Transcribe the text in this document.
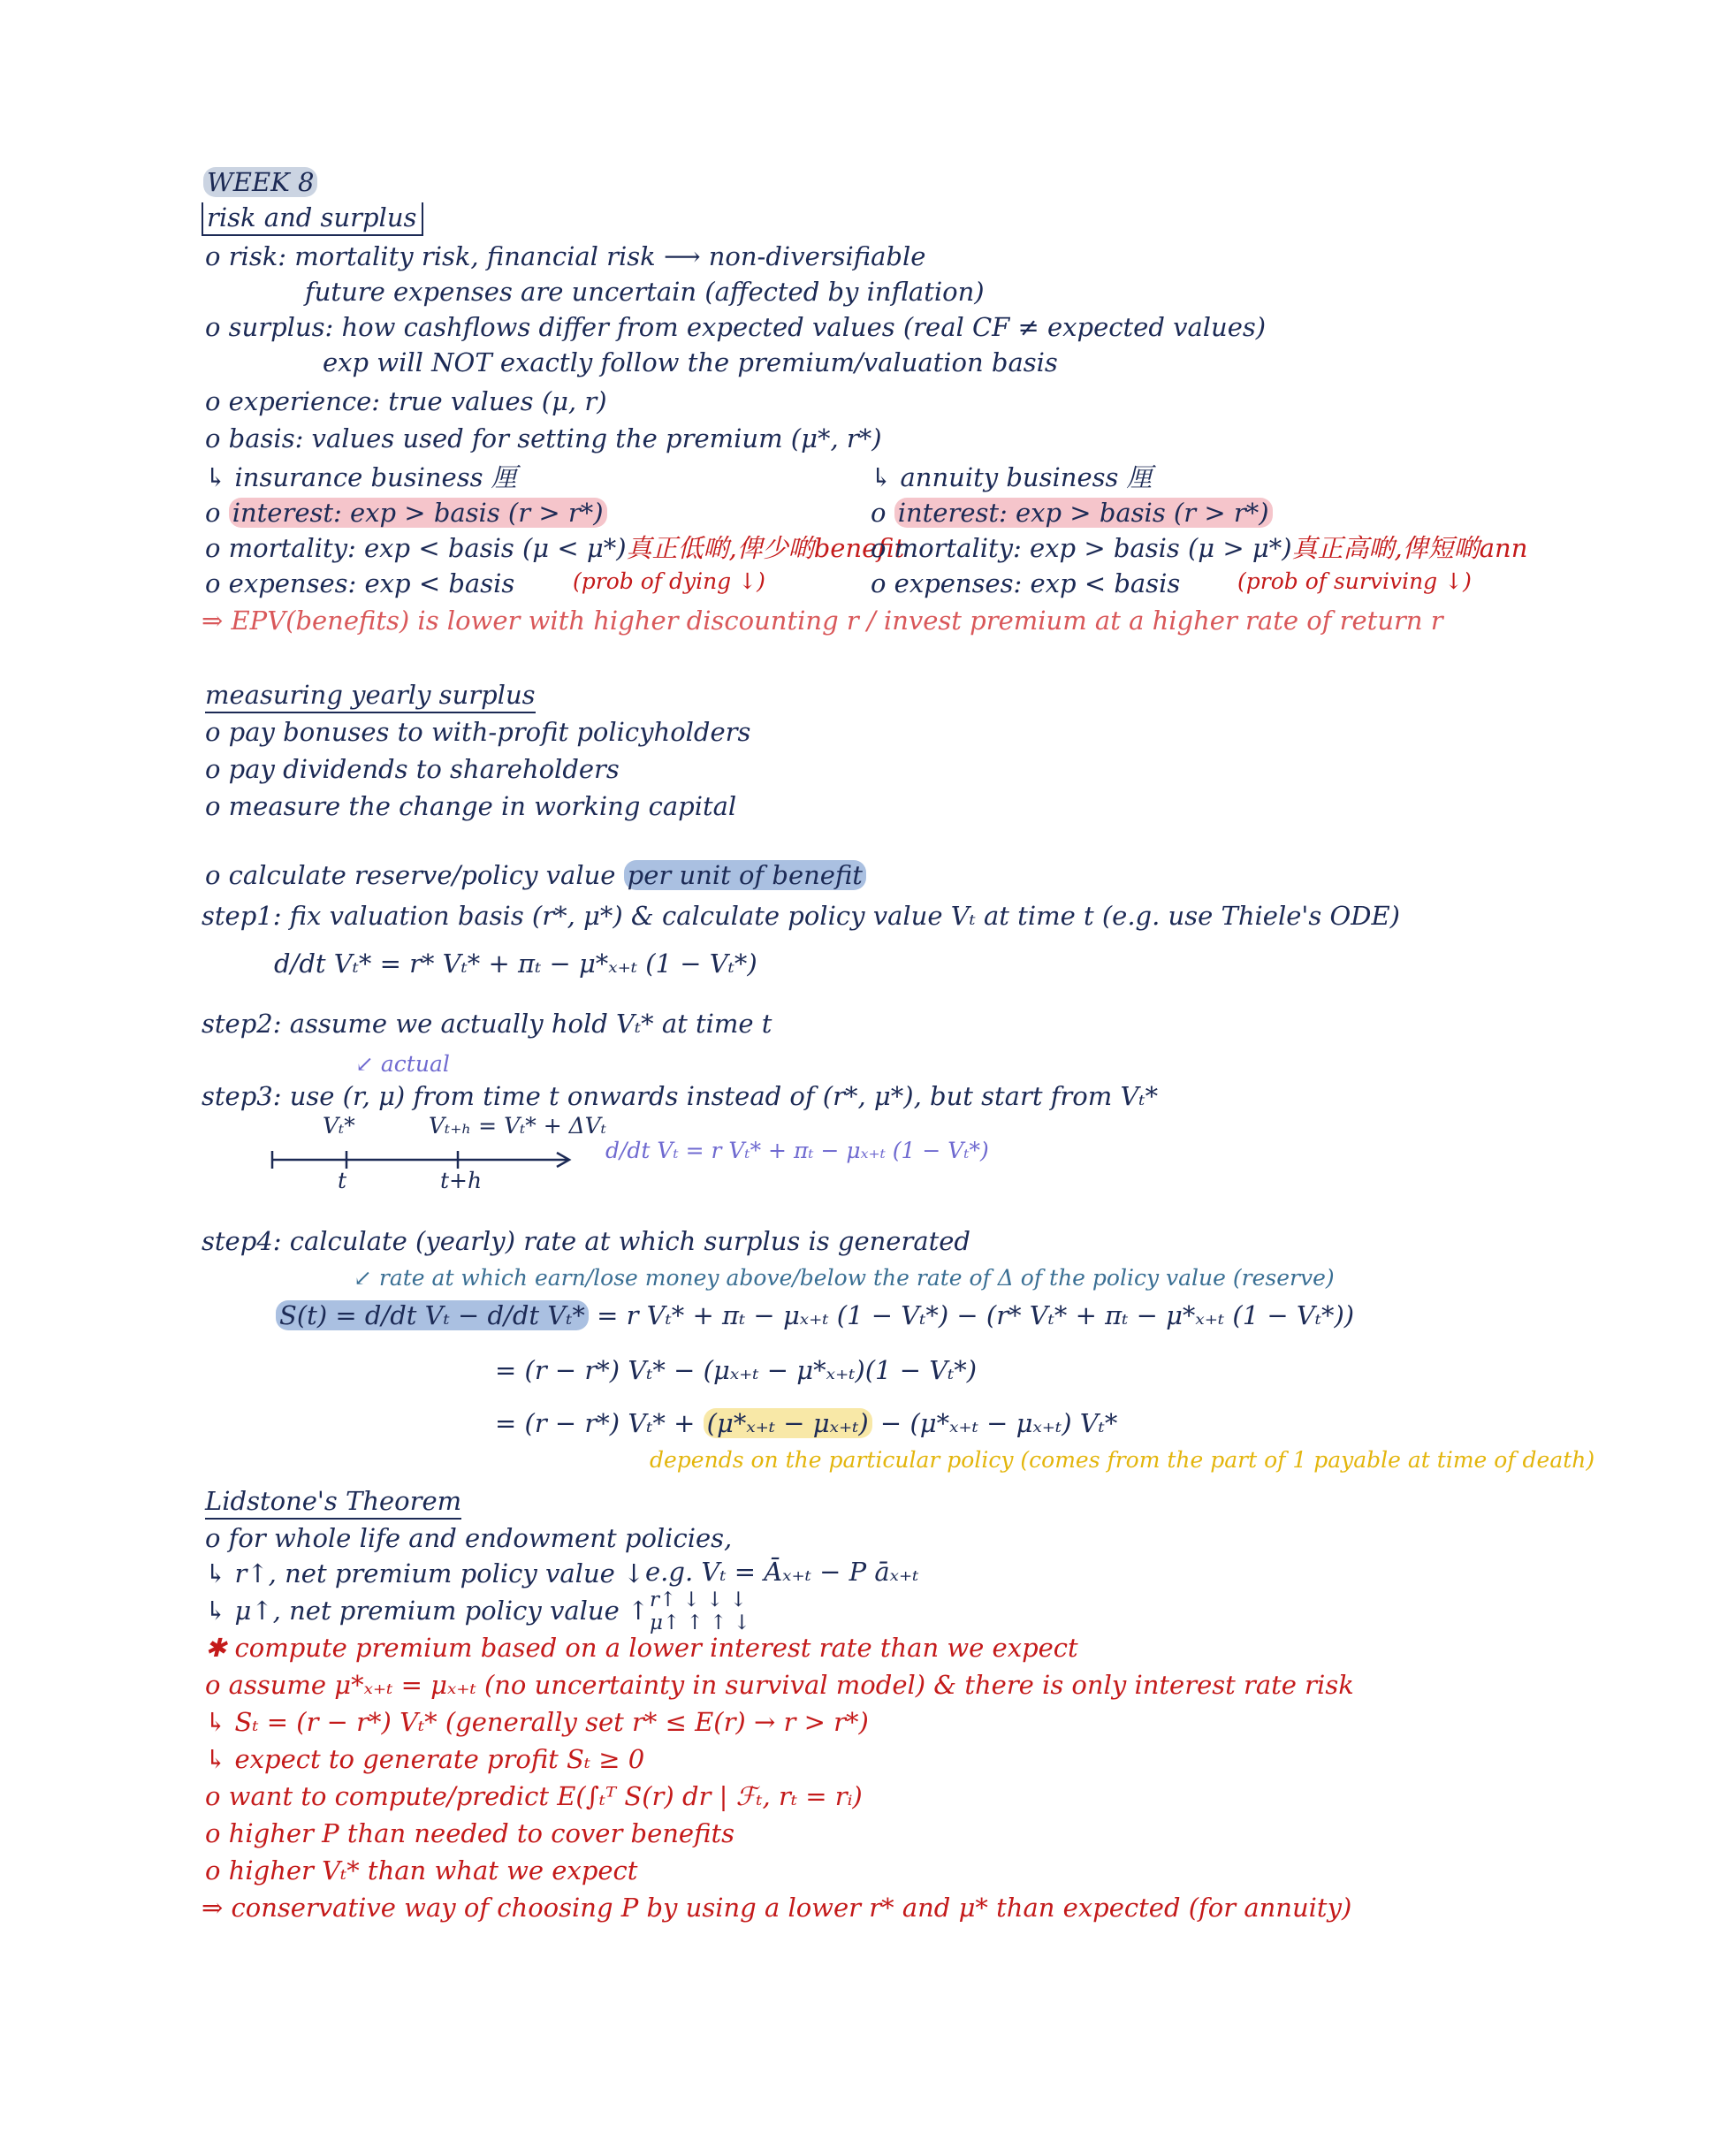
WEEK 8
risk and surplus
o risk: mortality risk, financial risk ⟶ non-diversifiable
future expenses are uncertain (affected by inflation)
o surplus: how cashflows differ from expected values (real CF ≠ expected values)
exp will NOT exactly follow the premium/valuation basis
o experience: true values (μ, r)
o basis: values used for setting the premium (μ*, r*)
↳ insurance business 厘
o interest: exp > basis (r > r*)
o mortality: exp < basis (μ < μ*)真正低啲,俾少啲benefit
(prob of dying ↓)
o expenses: exp < basis
↳ annuity business 厘
o interest: exp > basis (r > r*)
o mortality: exp > basis (μ > μ*)真正高啲,俾短啲ann
(prob of surviving ↓)
o expenses: exp < basis
⇒ EPV(benefits) is lower with higher discounting r / invest premium at a higher rate of return r
measuring yearly surplus
o pay bonuses to with-profit policyholders
o pay dividends to shareholders
o measure the change in working capital
o calculate reserve/policy value per unit of benefit
step1: fix valuation basis (r*, μ*) & calculate policy value Vₜ at time t (e.g. use Thiele's ODE)
d/dt Vₜ* = r* Vₜ* + πₜ − μ*ₓ₊ₜ (1 − Vₜ*)
step2: assume we actually hold Vₜ* at time t
↙ actual
step3: use (r, μ) from time t onwards instead of (r*, μ*), but start from Vₜ*
Vₜ*	Vₜ₊ₕ = Vₜ* + ΔVₜ
t	t+h
d/dt Vₜ = r Vₜ* + πₜ − μₓ₊ₜ (1 − Vₜ*)
step4: calculate (yearly) rate at which surplus is generated
↙ rate at which earn/lose money above/below the rate of Δ of the policy value (reserve)
S(t) = d/dt Vₜ − d/dt Vₜ* = r Vₜ* + πₜ − μₓ₊ₜ (1 − Vₜ*) − (r* Vₜ* + πₜ − μ*ₓ₊ₜ (1 − Vₜ*))
= (r − r*) Vₜ* − (μₓ₊ₜ − μ*ₓ₊ₜ)(1 − Vₜ*)
= (r − r*) Vₜ* + (μ*ₓ₊ₜ − μₓ₊ₜ) − (μ*ₓ₊ₜ − μₓ₊ₜ) Vₜ*
depends on the particular policy (comes from the part of 1 payable at time of death)
Lidstone's Theorem
o for whole life and endowment policies,
↳ r↑, net premium policy value ↓
↳ μ↑, net premium policy value ↑
e.g. Vₜ = Āₓ₊ₜ − P āₓ₊ₜ
r↑ ↓ ↓ ↓
μ↑ ↑ ↑ ↓
✱ compute premium based on a lower interest rate than we expect
o assume μ*ₓ₊ₜ = μₓ₊ₜ (no uncertainty in survival model) & there is only interest rate risk
↳ Sₜ = (r − r*) Vₜ* (generally set r* ≤ E(r) → r > r*)
↳ expect to generate profit Sₜ ≥ 0
o want to compute/predict E(∫ₜᵀ S(r) dr | ℱₜ, rₜ = rᵢ)
o higher P than needed to cover benefits
o higher Vₜ* than what we expect
⇒ conservative way of choosing P by using a lower r* and μ* than expected (for annuity)
